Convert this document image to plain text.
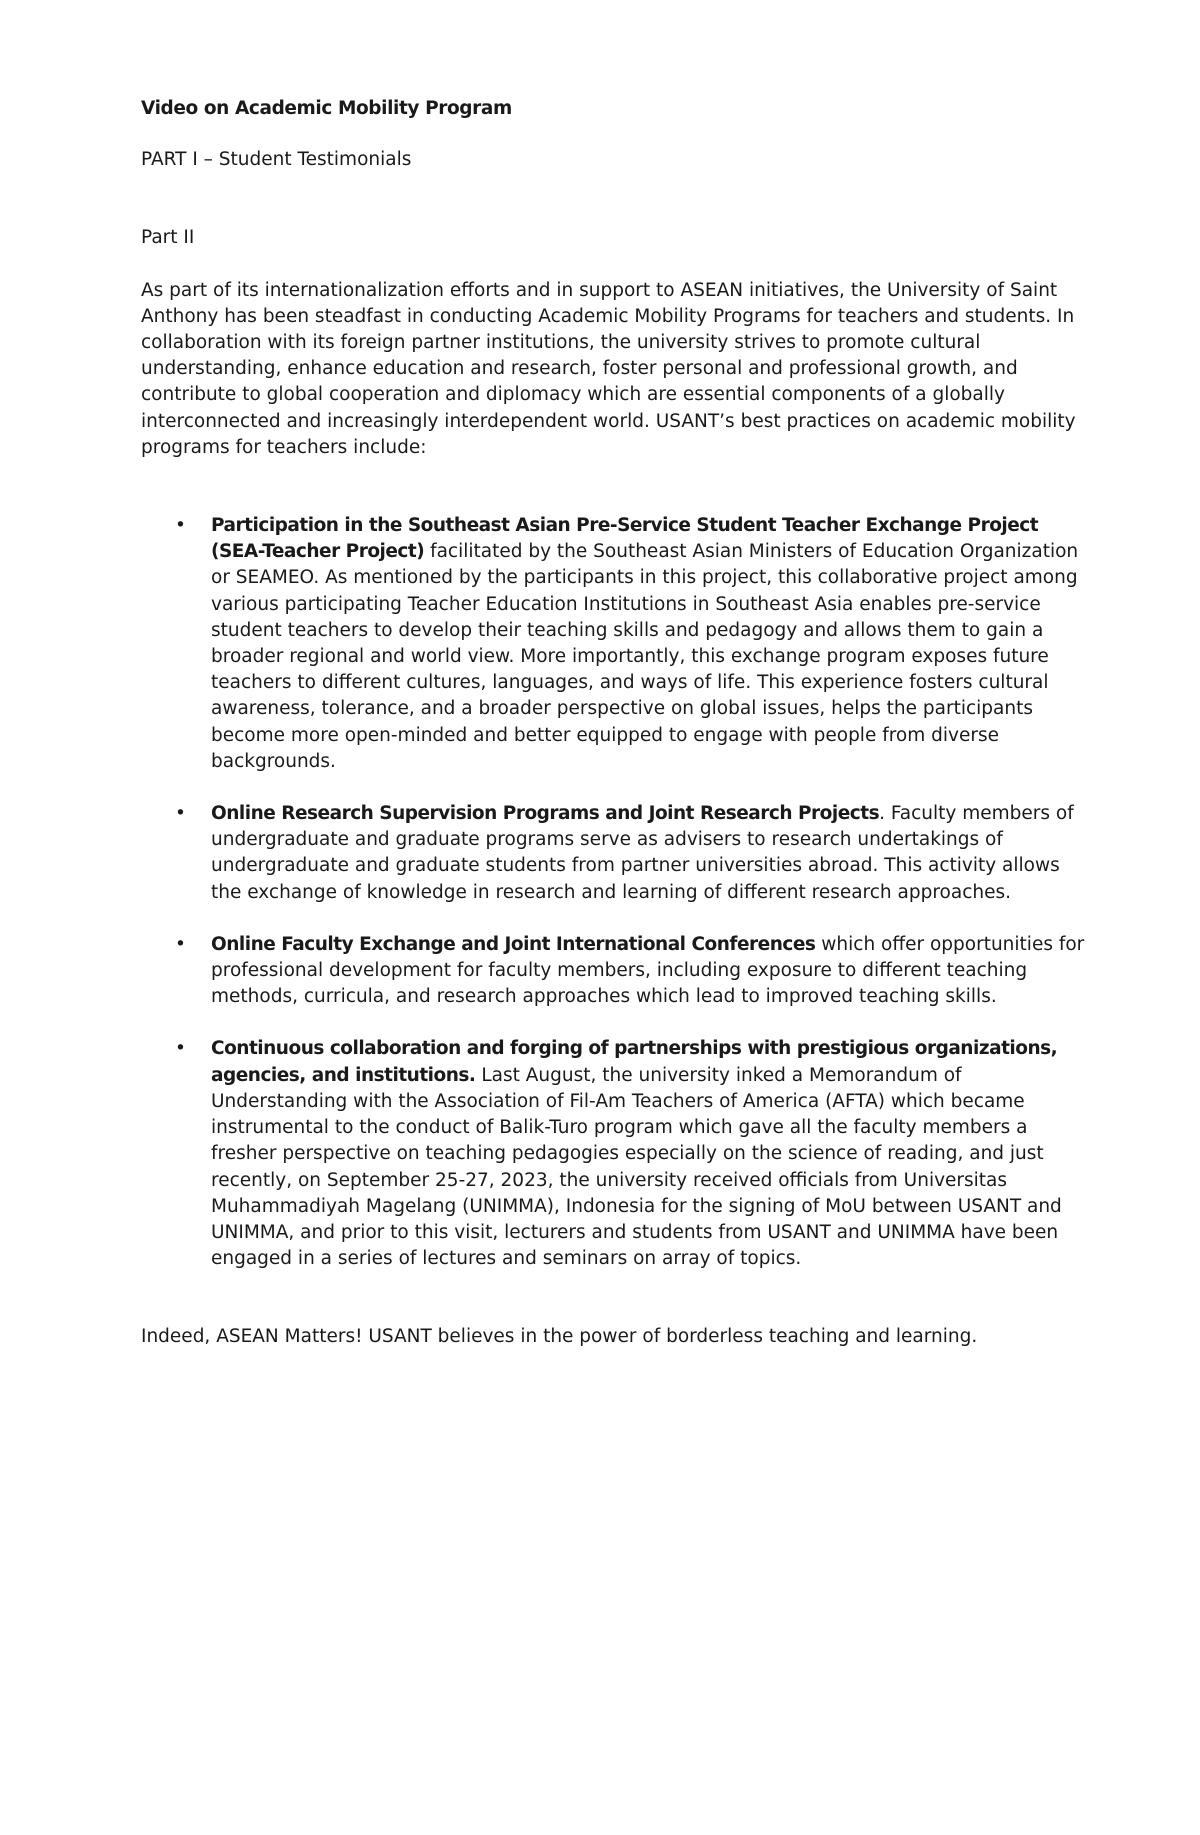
Video on Academic Mobility Program

PART I – Student Testimonials

Part II

As part of its internationalization efforts and in support to ASEAN initiatives, the University of Saint Anthony has been steadfast in conducting Academic Mobility Programs for teachers and students. In collaboration with its foreign partner institutions, the university strives to promote cultural understanding, enhance education and research, foster personal and professional growth, and contribute to global cooperation and diplomacy which are essential components of a globally interconnected and increasingly interdependent world. USANT’s best practices on academic mobility programs for teachers include:

• Participation in the Southeast Asian Pre-Service Student Teacher Exchange Project (SEA-Teacher Project) facilitated by the Southeast Asian Ministers of Education Organization or SEAMEO. As mentioned by the participants in this project, this collaborative project among various participating Teacher Education Institutions in Southeast Asia enables pre-service student teachers to develop their teaching skills and pedagogy and allows them to gain a broader regional and world view. More importantly, this exchange program exposes future teachers to different cultures, languages, and ways of life. This experience fosters cultural awareness, tolerance, and a broader perspective on global issues, helps the participants become more open-minded and better equipped to engage with people from diverse backgrounds.
• Online Research Supervision Programs and Joint Research Projects. Faculty members of undergraduate and graduate programs serve as advisers to research undertakings of undergraduate and graduate students from partner universities abroad. This activity allows the exchange of knowledge in research and learning of different research approaches.
• Online Faculty Exchange and Joint International Conferences which offer opportunities for professional development for faculty members, including exposure to different teaching methods, curricula, and research approaches which lead to improved teaching skills.
• Continuous collaboration and forging of partnerships with prestigious organizations, agencies, and institutions. Last August, the university inked a Memorandum of Understanding with the Association of Fil-Am Teachers of America (AFTA) which became instrumental to the conduct of Balik-Turo program which gave all the faculty members a fresher perspective on teaching pedagogies especially on the science of reading, and just recently, on September 25-27, 2023, the university received officials from Universitas Muhammadiyah Magelang (UNIMMA), Indonesia for the signing of MoU between USANT and UNIMMA, and prior to this visit, lecturers and students from USANT and UNIMMA have been engaged in a series of lectures and seminars on array of topics.

Indeed, ASEAN Matters! USANT believes in the power of borderless teaching and learning.
